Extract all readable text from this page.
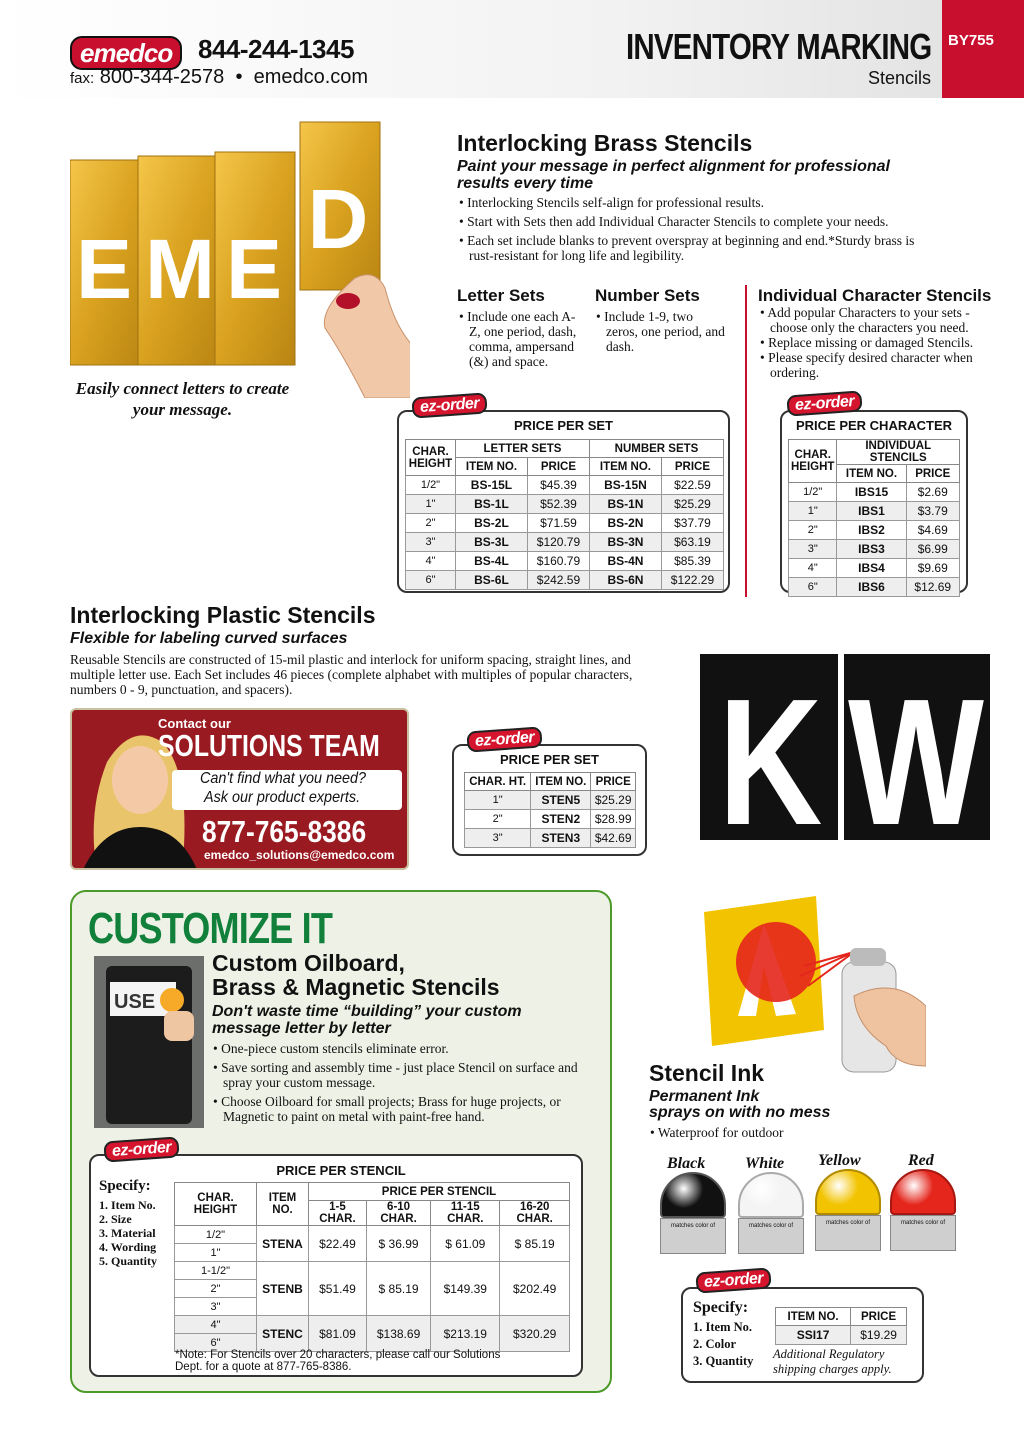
emedco 844-244-1345
fax: 800-344-2578 • emedco.com
INVENTORY MARKING
Stencils
BY755
E M E
D
Easily connect letters to create your message.
Interlocking Brass Stencils
Paint your message in perfect alignment for professional results every time
• Interlocking Stencils self-align for professional results.
• Start with Sets then add Individual Character Stencils to complete your needs.
• Each set include blanks to prevent overspray at beginning and end.*Sturdy brass is rust-resistant for long life and legibility.
Letter Sets
• Include one each A-Z, one period, dash, comma, ampersand (&) and space.
Number Sets
• Include 1-9, two zeros, one period, and dash.
Individual Character Stencils
• Add popular Characters to your sets - choose only the characters you need.
• Replace missing or damaged Stencils.
• Please specify desired character when ordering.
PRICE PER SET
CHAR.
HEIGHT	LETTER SETS		NUMBER SETS	
	ITEM NO.	PRICE	ITEM NO.	PRICE
1/2"	BS-15L	$45.39	BS-15N	$22.59
1"	BS-1L	$52.39	BS-1N	$25.29
2"	BS-2L	$71.59	BS-2N	$37.79
3"	BS-3L	$120.79	BS-3N	$63.19
4"	BS-4L	$160.79	BS-4N	$85.39
6"	BS-6L	$242.59	BS-6N	$122.29
ez-order
PRICE PER CHARACTER
CHAR.
HEIGHT	INDIVIDUAL STENCILS	
	ITEM NO.	PRICE
1/2"	IBS15	$2.69
1"	IBS1	$3.79
2"	IBS2	$4.69
3"	IBS3	$6.99
4"	IBS4	$9.69
6"	IBS6	$12.69
ez-order
Interlocking Plastic Stencils
Flexible for labeling curved surfaces
Reusable Stencils are constructed of 15-mil plastic and interlock for uniform spacing, straight lines, and multiple letter use. Each Set includes 46 pieces (complete alphabet with multiples of popular characters, numbers 0 - 9, punctuation, and spacers).	K W
Contact our
SOLUTIONS TEAM
Can't find what you need?
Ask our product experts.
877-765-8386
emedco_solutions@emedco.com
PRICE PER SET
CHAR. HT.	ITEM NO.	PRICE
1"	STEN5	$25.29
2"	STEN2	$28.99
3"	STEN3	$42.69
ez-order
CUSTOMIZE IT
USE
Custom Oilboard,
Brass & Magnetic Stencils
Don't waste time “building” your custom message letter by letter
• One-piece custom stencils eliminate error.
• Save sorting and assembly time - just place Stencil on surface and spray your custom message.
• Choose Oilboard for small projects; Brass for huge projects, or Magnetic to paint on metal with paint-free hand.
Specify:
1. Item No.
2. Size
3. Material
4. Wording
5. Quantity
PRICE PER STENCIL
CHAR. HEIGHT	ITEM NO.	PRICE PER STENCIL			
		1-5 CHAR.	6-10 CHAR.	11-15 CHAR.	16-20 CHAR.
1/2"	STENA	$22.49	$ 36.99	$ 61.09	$ 85.19
1"					
1-1/2"	STENB	$51.49	$ 85.19	$149.39	$202.49
2"					
3"					
4"	STENC	$81.09	$138.69	$213.19	$320.29
6"					
*Note: For Stencils over 20 characters, please call our Solutions Dept. for a quote at 877-765-8386.
ez-order
Stencil Ink
Permanent Ink
sprays on with no mess
• Waterproof for outdoor
Black White Yellow	Red
matches color of	matches color of	matches color of	matches color of
Specify:
1. Item No.
2. Color
3. Quantity
ITEM NO.	PRICE
SSI17	$19.29
Additional Regulatory shipping charges apply.
ez-order
